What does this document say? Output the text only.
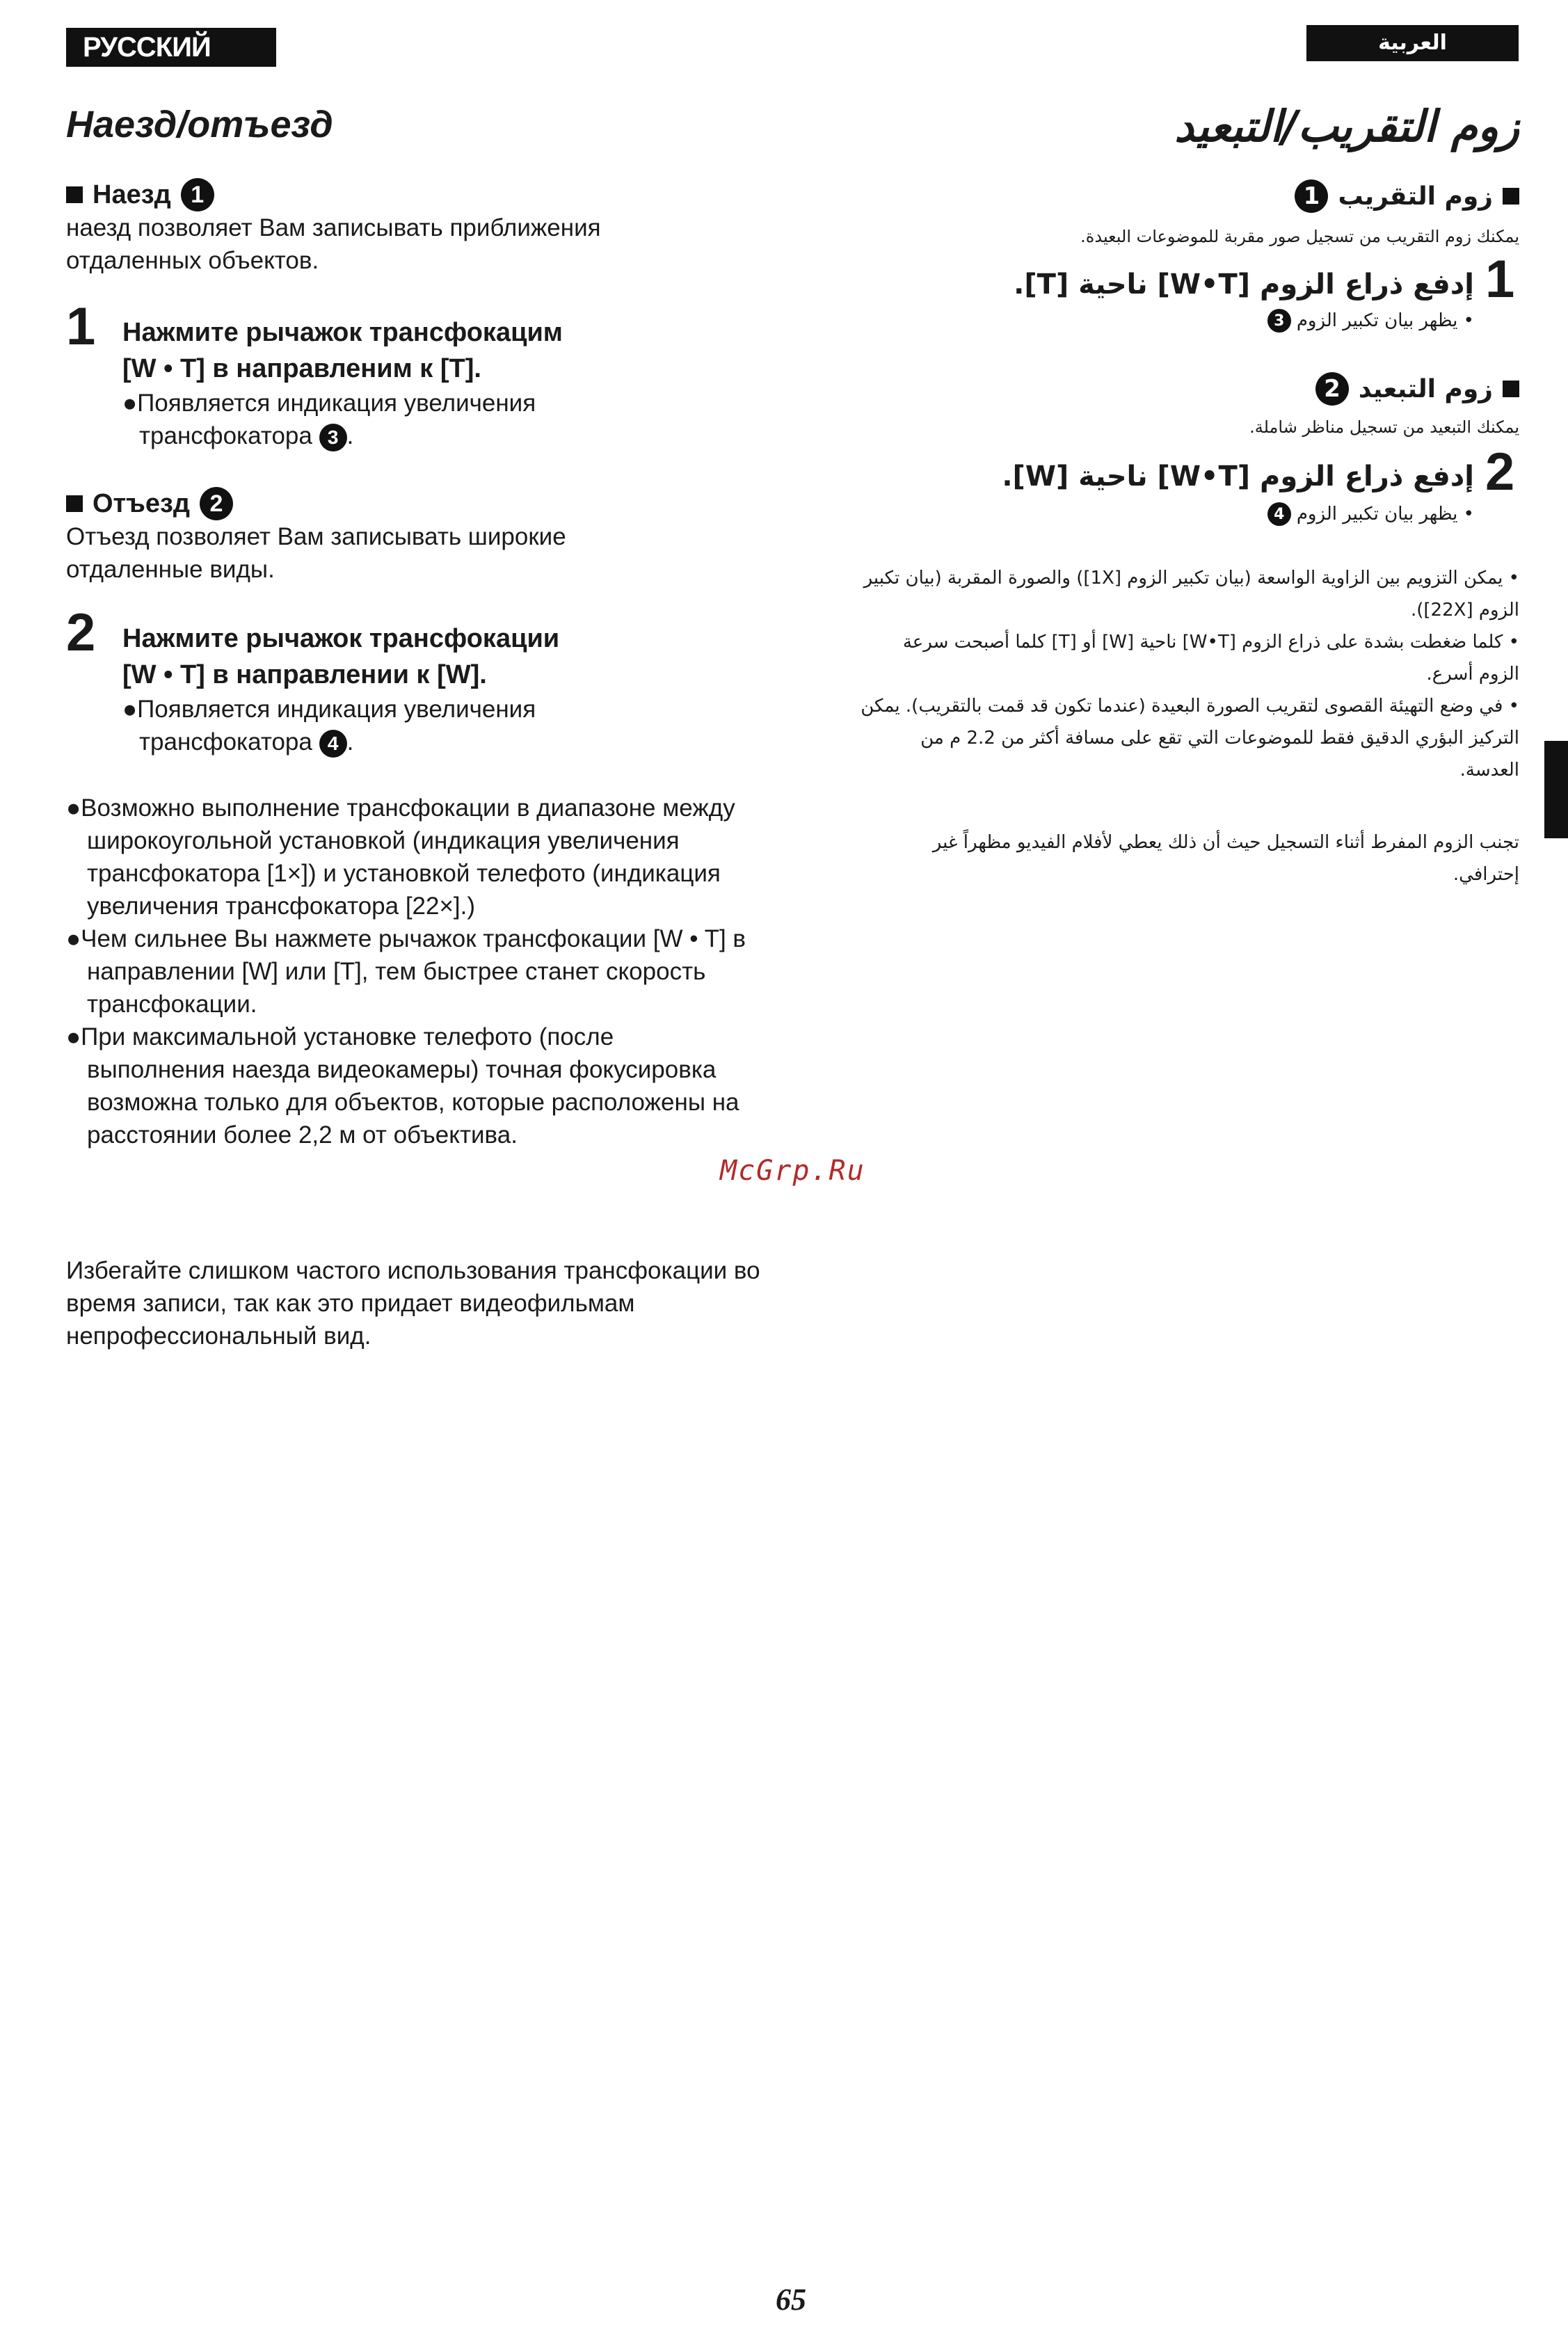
РУССКИЙ ЯЗЫК
العربية
Наезд/отъезд	زوم التقريب/التبعيد
Наезд 1
наезд позволяет Вам записывать приближения отдаленных объектов.
1 Нажмите рычажок трансфокацим
[W • T] в направленим к [T].
●Появляется индикация увеличения
трансфокатора 3 .
Отъезд 2
Отъезд позволяет Вам записывать широкие отдаленные виды.
2 Нажмите рычажок трансфокации
[W • T] в направлении к [W].
●Появляется индикация увеличения
трансфокатора 4 .

●Возможно выполнение трансфокации в диапазоне между широкоугольной установкой (индикация увеличения трансфокатора [1×]) и установкой телефото (индикация увеличения трансфокатора [22×].)

●Чем сильнее Вы нажмете рычажок трансфокации [W • T] в направлении [W] или [T], тем быстрее станет скорость трансфокации.

●При максимальной установке телефото (после выполнения наезда видеокамеры) точная фокусировка возможна только для объектов, которые расположены на расстоянии более 2,2 м от объектива.

Избегайте слишком частого использования трансфокации во время записи, так как это придает видеофильмам непрофессиональный вид.
McGrp.Ru
زوم التقريب
1
يمكنك زوم التقريب من تسجيل صور مقربة للموضوعات البعيدة.
1
إدفع ذراع الزوم [W•T] ناحية [T].
• يظهر بيان تكبير الزوم
3
زوم التبعيد
2
يمكنك التبعيد من تسجيل مناظر شاملة.
2
إدفع ذراع الزوم [W•T] ناحية [W].
• يظهر بيان تكبير الزوم
4

• يمكن التزويم بين الزاوية الواسعة (بيان تكبير الزوم [1X]) والصورة المقربة (بيان تكبير الزوم [22X]).

• كلما ضغطت بشدة على ذراع الزوم [W•T] ناحية [W] أو [T] كلما أصبحت سرعة الزوم أسرع.

• في وضع التهيئة القصوى لتقريب الصورة البعيدة (عندما تكون قد قمت بالتقريب). يمكن التركيز البؤري الدقيق فقط للموضوعات التي تقع على مسافة أكثر من 2.2 م من العدسة.

تجنب الزوم المفرط أثناء التسجيل حيث أن ذلك يعطي لأفلام الفيديو مظهراً غير إحترافي.
65
